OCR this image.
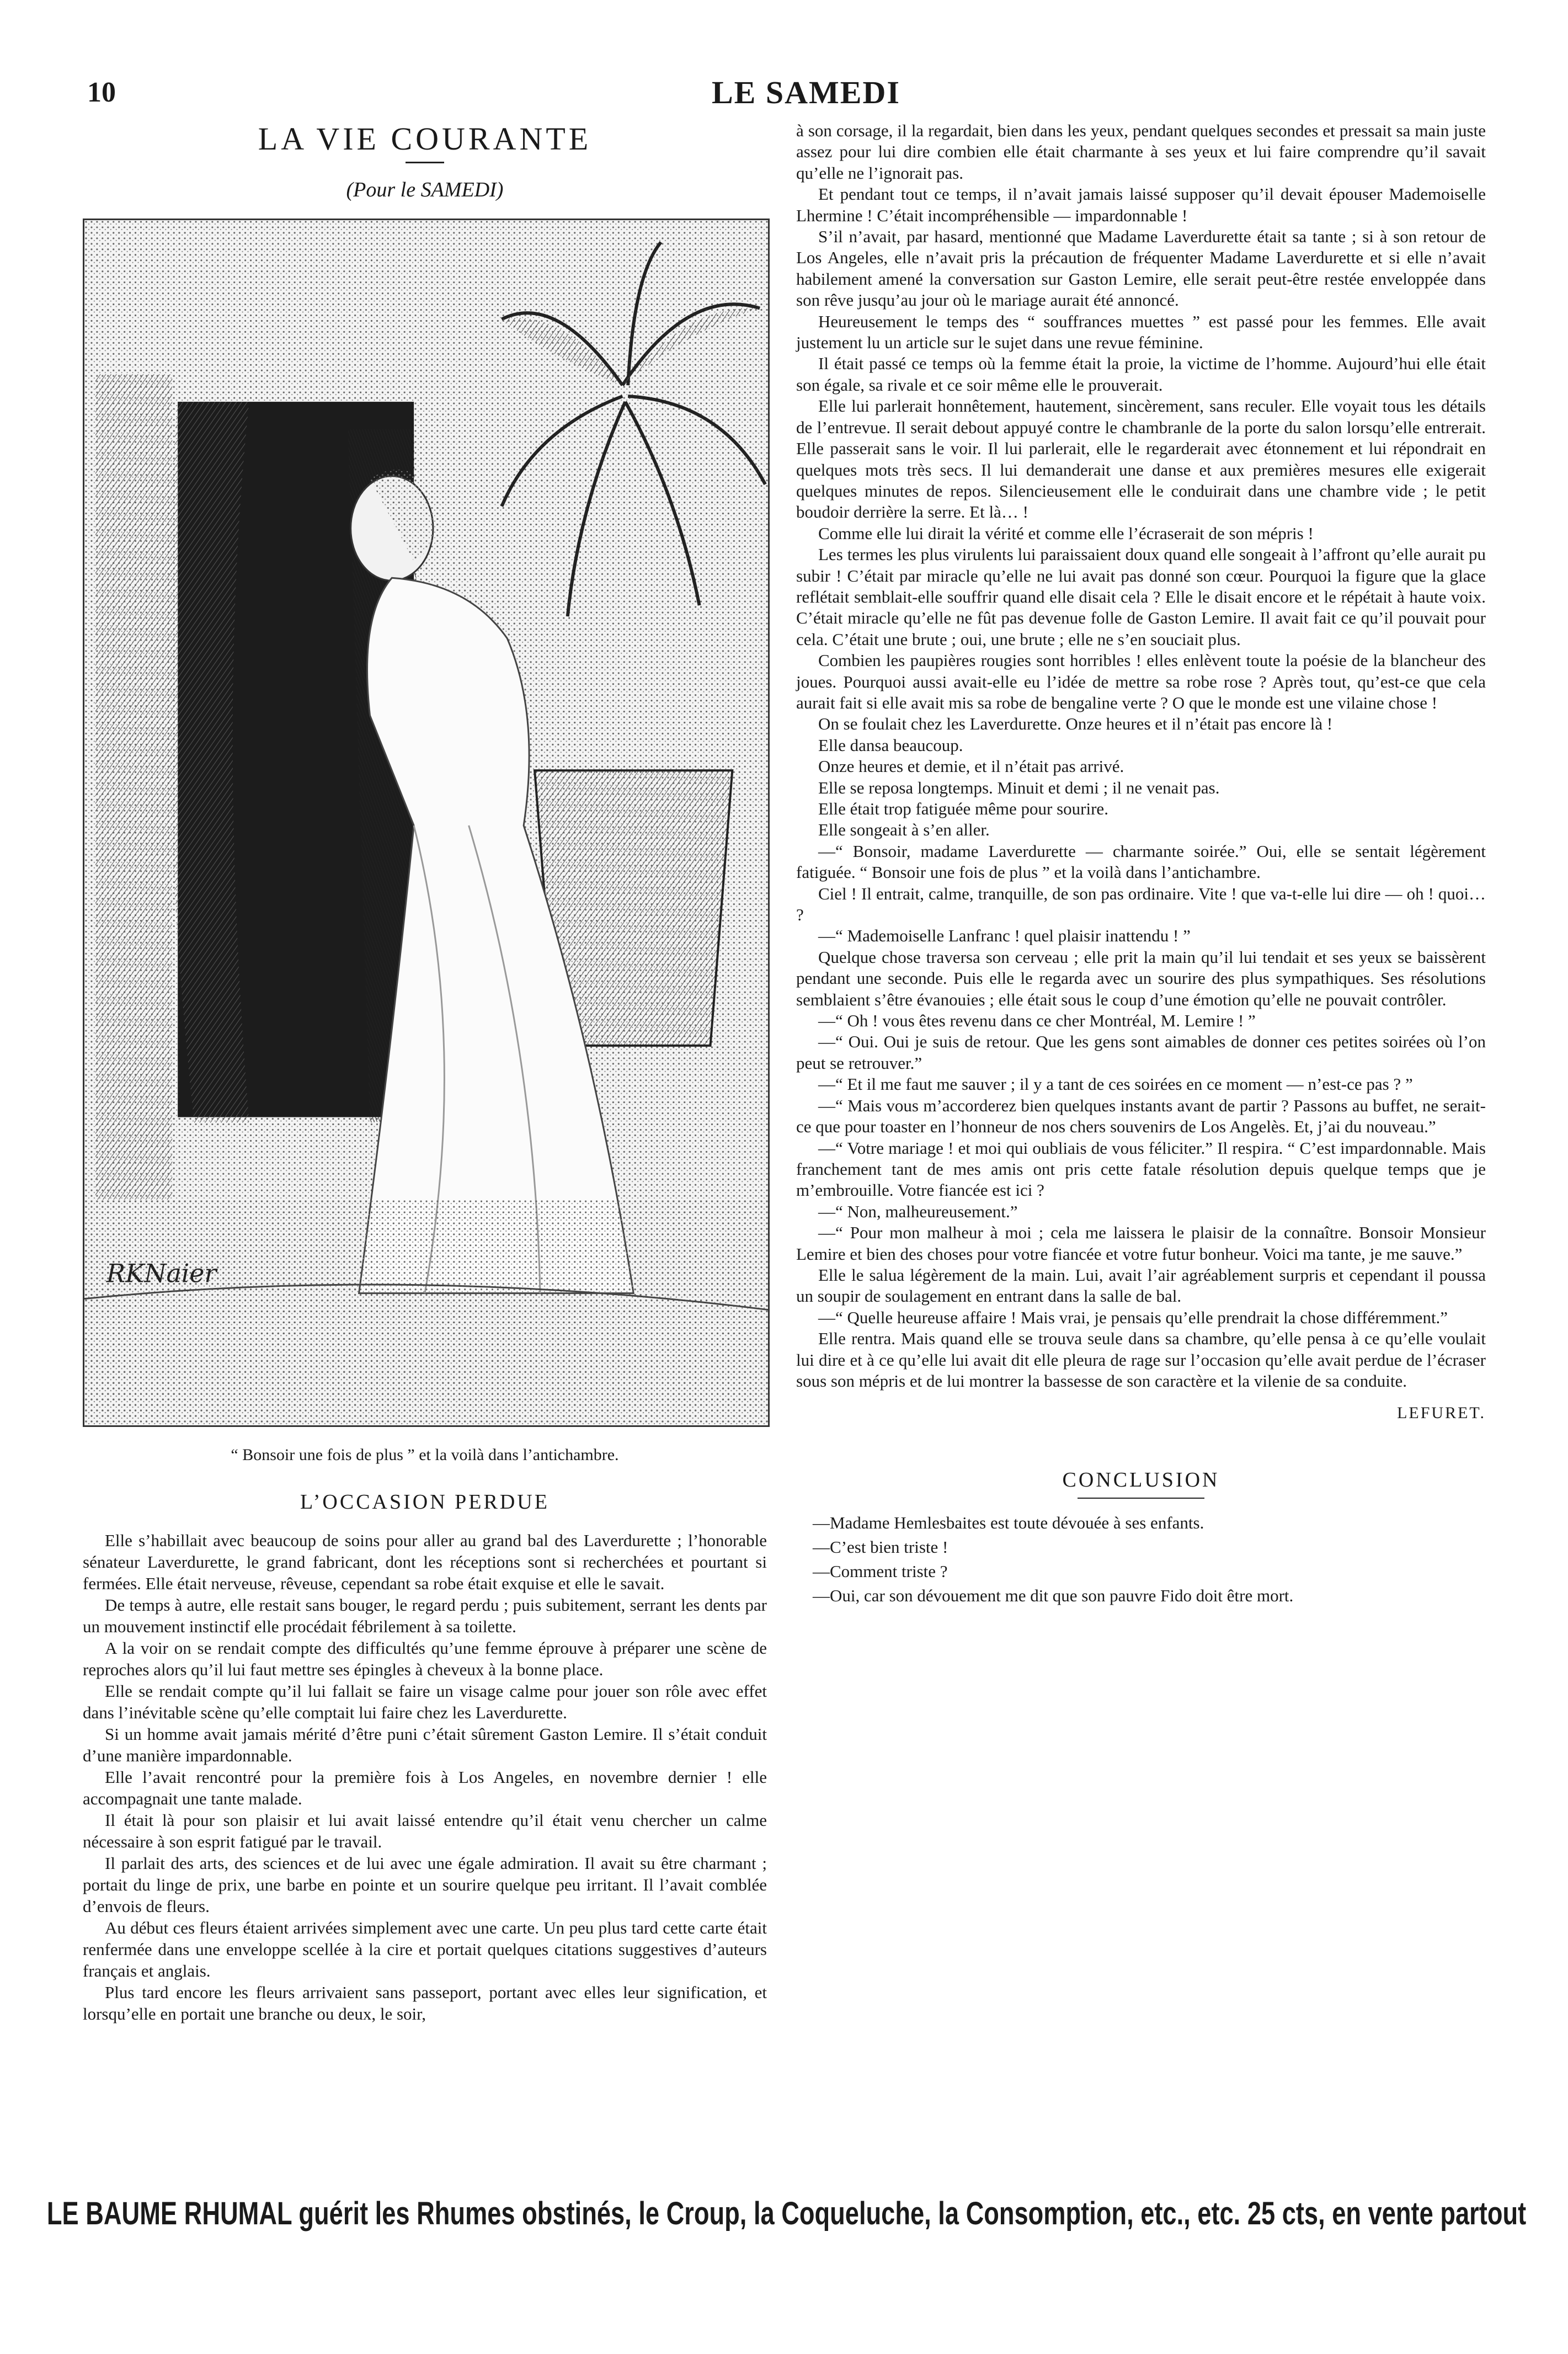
10	LE SAMEDI
LA VIE COURANTE
(Pour le SAMEDI)
RKNaier
“ Bonsoir une fois de plus ” et la voilà dans l’antichambre.
L’OCCASION PERDUE

Elle s’habillait avec beaucoup de soins pour aller au grand bal des Laverdurette ; l’honorable sénateur Laverdurette, le grand fabricant, dont les réceptions sont si recherchées et pourtant si fermées. Elle était nerveuse, rêveuse, cependant sa robe était exquise et elle le savait.

De temps à autre, elle restait sans bouger, le regard perdu ; puis subitement, serrant les dents par un mouvement instinctif elle procédait fébrilement à sa toilette.

A la voir on se rendait compte des difficultés qu’une femme éprouve à préparer une scène de reproches alors qu’il lui faut mettre ses épingles à cheveux à la bonne place.

Elle se rendait compte qu’il lui fallait se faire un visage calme pour jouer son rôle avec effet dans l’inévitable scène qu’elle comptait lui faire chez les Laverdurette.

Si un homme avait jamais mérité d’être puni c’était sûrement Gaston Lemire. Il s’était conduit d’une manière impardonnable.

Elle l’avait rencontré pour la première fois à Los Angeles, en novembre dernier ! elle accompagnait une tante malade.

Il était là pour son plaisir et lui avait laissé entendre qu’il était venu chercher un calme nécessaire à son esprit fatigué par le travail.

Il parlait des arts, des sciences et de lui avec une égale admiration. Il avait su être charmant ; portait du linge de prix, une barbe en pointe et un sourire quelque peu irritant. Il l’avait comblée d’envois de fleurs.

Au début ces fleurs étaient arrivées simplement avec une carte. Un peu plus tard cette carte était renfermée dans une enveloppe scellée à la cire et portait quelques citations suggestives d’auteurs français et anglais.

Plus tard encore les fleurs arrivaient sans passeport, portant avec elles leur signification, et lorsqu’elle en portait une branche ou deux, le soir,

à son corsage, il la regardait, bien dans les yeux, pendant quelques secondes et pressait sa main juste assez pour lui dire combien elle était charmante à ses yeux et lui faire comprendre qu’il savait qu’elle ne l’ignorait pas.

Et pendant tout ce temps, il n’avait jamais laissé supposer qu’il devait épouser Mademoiselle Lhermine ! C’était incompréhensible — impardonnable !

S’il n’avait, par hasard, mentionné que Madame Laverdurette était sa tante ; si à son retour de Los Angeles, elle n’avait pris la précaution de fréquenter Madame Laverdurette et si elle n’avait habilement amené la conversation sur Gaston Lemire, elle serait peut-être restée enveloppée dans son rêve jusqu’au jour où le mariage aurait été annoncé.

Heureusement le temps des “ souffrances muettes ” est passé pour les femmes. Elle avait justement lu un article sur le sujet dans une revue féminine.

Il était passé ce temps où la femme était la proie, la victime de l’homme. Aujourd’hui elle était son égale, sa rivale et ce soir même elle le prouverait.

Elle lui parlerait honnêtement, hautement, sincèrement, sans reculer. Elle voyait tous les détails de l’entrevue. Il serait debout appuyé contre le chambranle de la porte du salon lorsqu’elle entrerait. Elle passerait sans le voir. Il lui parlerait, elle le regarderait avec étonnement et lui répondrait en quelques mots très secs. Il lui demanderait une danse et aux premières mesures elle exigerait quelques minutes de repos. Silencieusement elle le conduirait dans une chambre vide ; le petit boudoir derrière la serre. Et là… !

Comme elle lui dirait la vérité et comme elle l’écraserait de son mépris !

Les termes les plus virulents lui paraissaient doux quand elle songeait à l’affront qu’elle aurait pu subir ! C’était par miracle qu’elle ne lui avait pas donné son cœur. Pourquoi la figure que la glace reflétait semblait-elle souffrir quand elle disait cela ? Elle le disait encore et le répétait à haute voix. C’était miracle qu’elle ne fût pas devenue folle de Gaston Lemire. Il avait fait ce qu’il pouvait pour cela. C’était une brute ; oui, une brute ; elle ne s’en souciait plus.

Combien les paupières rougies sont horribles ! elles enlèvent toute la poésie de la blancheur des joues. Pourquoi aussi avait-elle eu l’idée de mettre sa robe rose ? Après tout, qu’est-ce que cela aurait fait si elle avait mis sa robe de bengaline verte ? O que le monde est une vilaine chose !

On se foulait chez les Laverdurette. Onze heures et il n’était pas encore là !

Elle dansa beaucoup.

Onze heures et demie, et il n’était pas arrivé.

Elle se reposa longtemps. Minuit et demi ; il ne venait pas.

Elle était trop fatiguée même pour sourire.

Elle songeait à s’en aller.

—“ Bonsoir, madame Laverdurette — charmante soirée.” Oui, elle se sentait légèrement fatiguée. “ Bonsoir une fois de plus ” et la voilà dans l’antichambre.

Ciel ! Il entrait, calme, tranquille, de son pas ordinaire. Vite ! que va-t-elle lui dire — oh ! quoi… ?

—“ Mademoiselle Lanfranc ! quel plaisir inattendu ! ”

Quelque chose traversa son cerveau ; elle prit la main qu’il lui tendait et ses yeux se baissèrent pendant une seconde. Puis elle le regarda avec un sourire des plus sympathiques. Ses résolutions semblaient s’être évanouies ; elle était sous le coup d’une émotion qu’elle ne pouvait contrôler.

—“ Oh ! vous êtes revenu dans ce cher Montréal, M. Lemire ! ”

—“ Oui. Oui je suis de retour. Que les gens sont aimables de donner ces petites soirées où l’on peut se retrouver.”

—“ Et il me faut me sauver ; il y a tant de ces soirées en ce moment — n’est-ce pas ? ”

—“ Mais vous m’accorderez bien quelques instants avant de partir ? Passons au buffet, ne serait-ce que pour toaster en l’honneur de nos chers souvenirs de Los Angelès. Et, j’ai du nouveau.”

—“ Votre mariage ! et moi qui oubliais de vous féliciter.” Il respira. “ C’est impardonnable. Mais franchement tant de mes amis ont pris cette fatale résolution depuis quelque temps que je m’embrouille. Votre fiancée est ici ?

—“ Non, malheureusement.”

—“ Pour mon malheur à moi ; cela me laissera le plaisir de la connaître. Bonsoir Monsieur Lemire et bien des choses pour votre fiancée et votre futur bonheur. Voici ma tante, je me sauve.”

Elle le salua légèrement de la main. Lui, avait l’air agréablement surpris et cependant il poussa un soupir de soulagement en entrant dans la salle de bal.

—“ Quelle heureuse affaire ! Mais vrai, je pensais qu’elle prendrait la chose différemment.”

Elle rentra. Mais quand elle se trouva seule dans sa chambre, qu’elle pensa à ce qu’elle voulait lui dire et à ce qu’elle lui avait dit elle pleura de rage sur l’occasion qu’elle avait perdue de l’écraser sous son mépris et de lui montrer la bassesse de son caractère et la vilenie de sa conduite.

LEFURET.
CONCLUSION

—Madame Hemlesbaites est toute dévouée à ses enfants.

—C’est bien triste !

—Comment triste ?

—Oui, car son dévouement me dit que son pauvre Fido doit être mort.

LE BAUME RHUMAL guérit les Rhumes obstinés, le Croup, la Coqueluche, la Consomption, etc., etc. 25 cts, en vente partout
